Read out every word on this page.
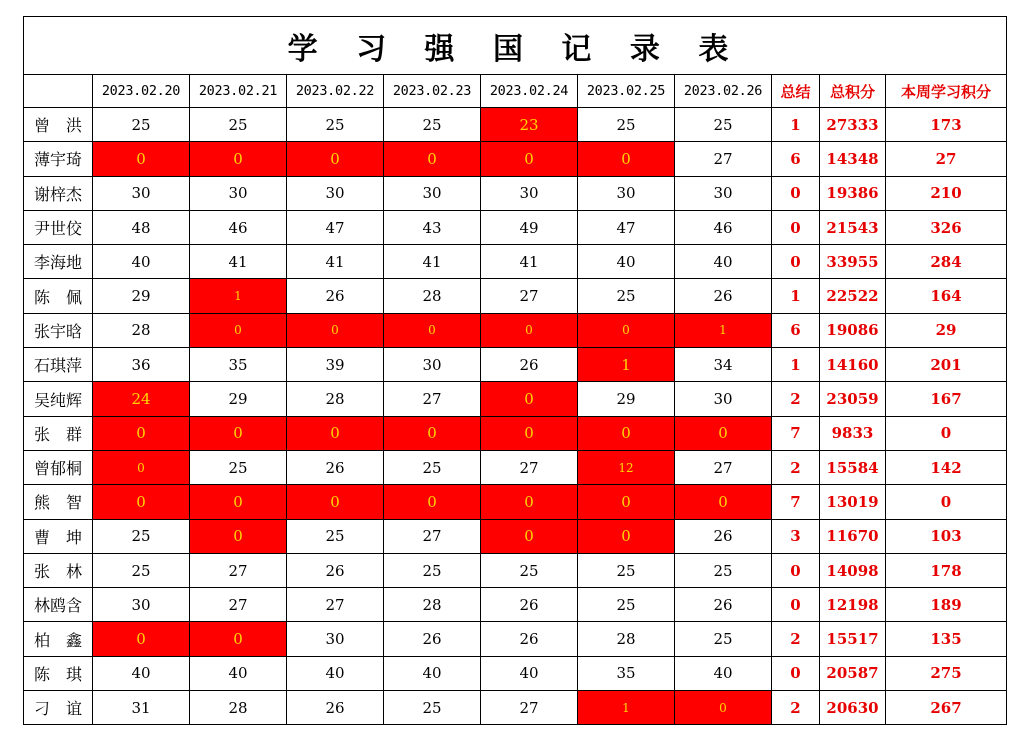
学 习 强 国 记 录 表										
	2023.02.20	2023.02.21	2023.02.22	2023.02.23	2023.02.24	2023.02.25	2023.02.26	总结	总积分	本周学习积分
曾　洪	25	25	25	25	23	25	25	1	27333	173
薄宇琦	0	0	0	0	0	0	27	6	14348	27
谢梓杰	30	30	30	30	30	30	30	0	19386	210
尹世佼	48	46	47	43	49	47	46	0	21543	326
李海地	40	41	41	41	41	40	40	0	33955	284
陈　佩	29	1	26	28	27	25	26	1	22522	164
张宇晗	28	0	0	0	0	0	1	6	19086	29
石琪萍	36	35	39	30	26	1	34	1	14160	201
吴纯辉	24	29	28	27	0	29	30	2	23059	167
张　群	0	0	0	0	0	0	0	7	9833	0
曾郁桐	0	25	26	25	27	12	27	2	15584	142
熊　智	0	0	0	0	0	0	0	7	13019	0
曹　坤	25	0	25	27	0	0	26	3	11670	103
张　林	25	27	26	25	25	25	25	0	14098	178
林鸥含	30	27	27	28	26	25	26	0	12198	189
柏　鑫	0	0	30	26	26	28	25	2	15517	135
陈　琪	40	40	40	40	40	35	40	0	20587	275
刁　谊	31	28	26	25	27	1	0	2	20630	267
